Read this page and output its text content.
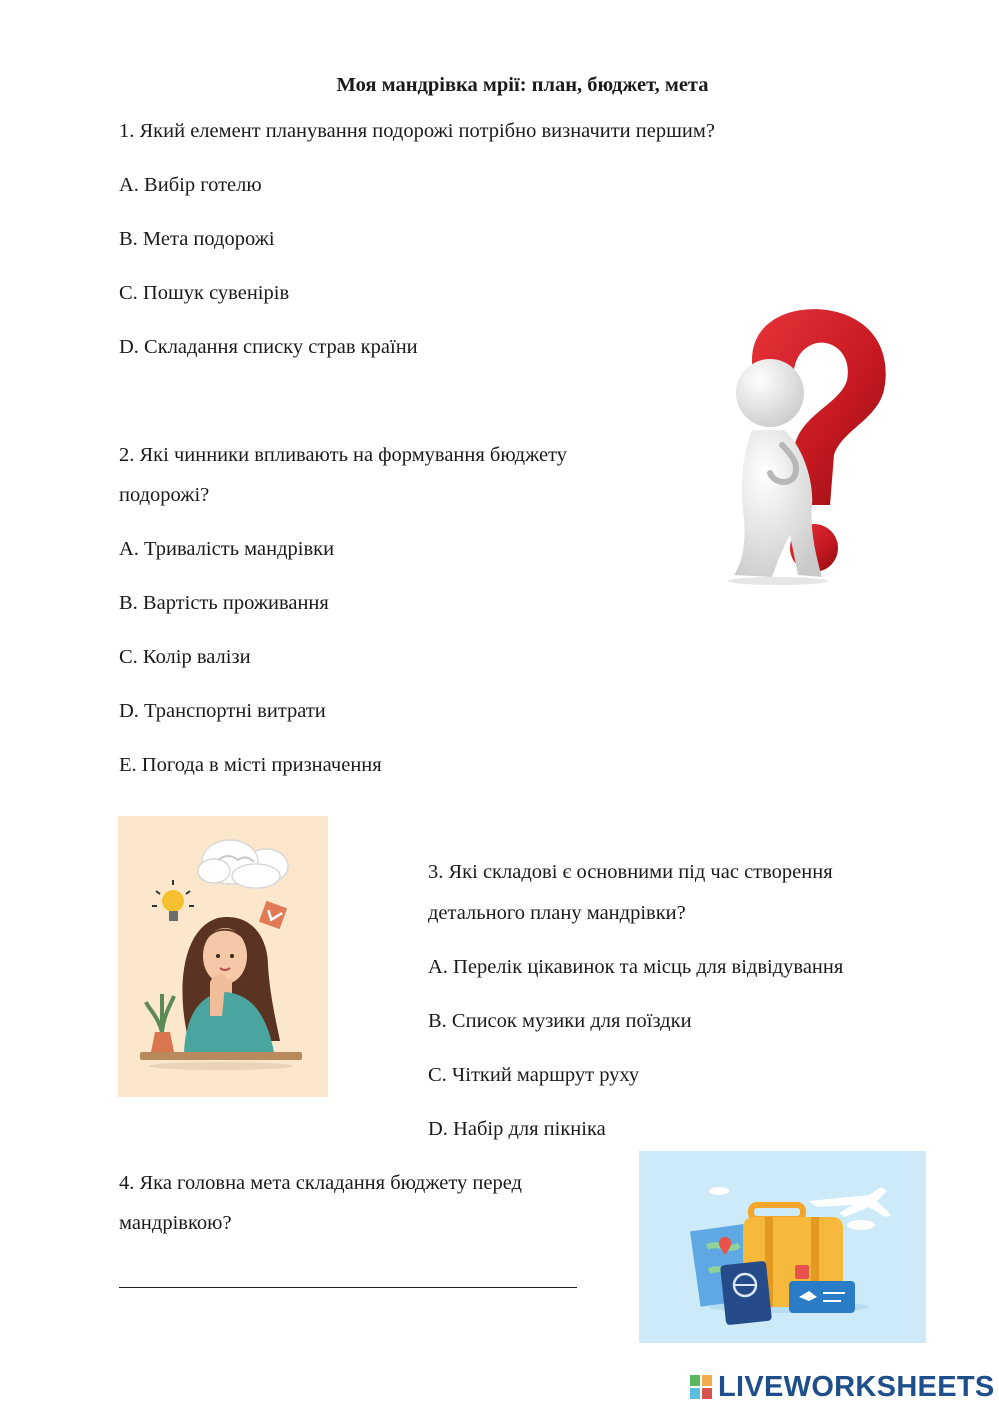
Моя мандрівка мрії: план, бюджет, мета
1. Який елемент планування подорожі потрібно визначити першим?
A. Вибір готелю
B. Мета подорожі
C. Пошук сувенірів
D. Складання списку страв країни
2. Які чинники впливають на формування бюджету
подорожі?
A. Тривалість мандрівки
B. Вартість проживання
C. Колір валізи
D. Транспортні витрати
E. Погода в місті призначення
3. Які складові є основними під час створення
детального плану мандрівки?
A. Перелік цікавинок та місць для відвідування
B. Список музики для поїздки
C. Чіткий маршрут руху
D. Набір для пікніка
4. Яка головна мета складання бюджету перед
мандрівкою?
LIVEWORKSHEETS
